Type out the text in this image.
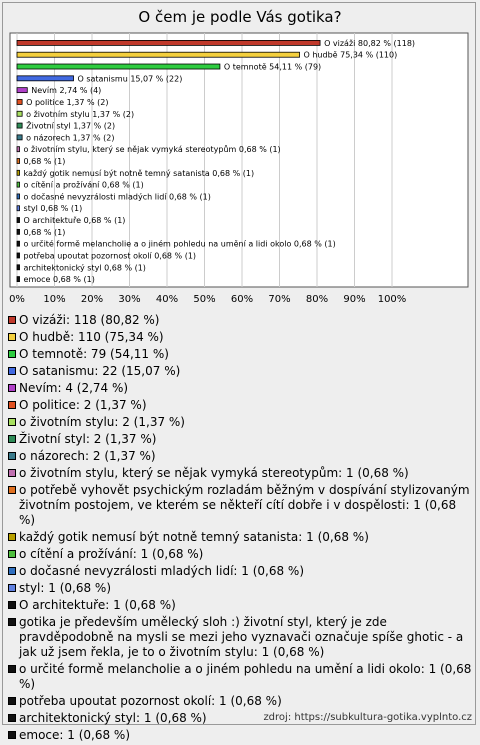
O čem je podle Vás gotika?
0% 10% 20% 30% 40% 50% 60% 70% 80% 90% 100%
O vizáži 80,82 % (118)
O hudbě 75,34 % (110)
O temnotě 54,11 % (79)
O satanismu 15,07 % (22)
Nevím 2,74 % (4)
O politice 1,37 % (2)
o životním stylu 1,37 % (2)
Životní styl 1,37 % (2)
o názorech 1,37 % (2)
o životním stylu, který se nějak vymyká stereotypům 0,68 % (1)
0,68 % (1)
každý gotik nemusí být notně temný satanista 0,68 % (1)
o cítění a prožívání 0,68 % (1)
o dočasné nevyzrálosti mladých lidí 0,68 % (1)
styl 0,68 % (1)
O architektuře 0,68 % (1)
0,68 % (1)
o určité formě melancholie a o jiném pohledu na umění a lidi okolo 0,68 % (1)
potřeba upoutat pozornost okolí 0,68 % (1)
architektonický styl 0,68 % (1)
emoce 0,68 % (1)
O vizáži: 118 (80,82 %)
O hudbě: 110 (75,34 %)
O temnotě: 79 (54,11 %)
O satanismu: 22 (15,07 %)
Nevím: 4 (2,74 %)
O politice: 2 (1,37 %)
o životním stylu: 2 (1,37 %)
Životní styl: 2 (1,37 %)
o názorech: 2 (1,37 %)
o životním stylu, který se nějak vymyká stereotypům: 1 (0,68 %)
o potřebě vyhovět psychickým rozladám běžným v dospívání stylizovaným životním postojem, ve kterém se někteří cítí dobře i v dospělosti: 1 (0,68 %)
každý gotik nemusí být notně temný satanista: 1 (0,68 %)
o cítění a prožívání: 1 (0,68 %)
o dočasné nevyzrálosti mladých lidí: 1 (0,68 %)
styl: 1 (0,68 %)
O architektuře: 1 (0,68 %)
gotika je především umělecký sloh :) životní styl, který je zde pravděpodobně na mysli se mezi jeho vyznavači označuje spíše ghotic - a jak už jsem řekla, je to o životním stylu: 1 (0,68 %)
o určité formě melancholie a o jiném pohledu na umění a lidi okolo: 1 (0,68 %)
potřeba upoutat pozornost okolí: 1 (0,68 %)
architektonický styl: 1 (0,68 %)
emoce: 1 (0,68 %)
zdroj: https://subkultura-gotika.vyplnto.cz
